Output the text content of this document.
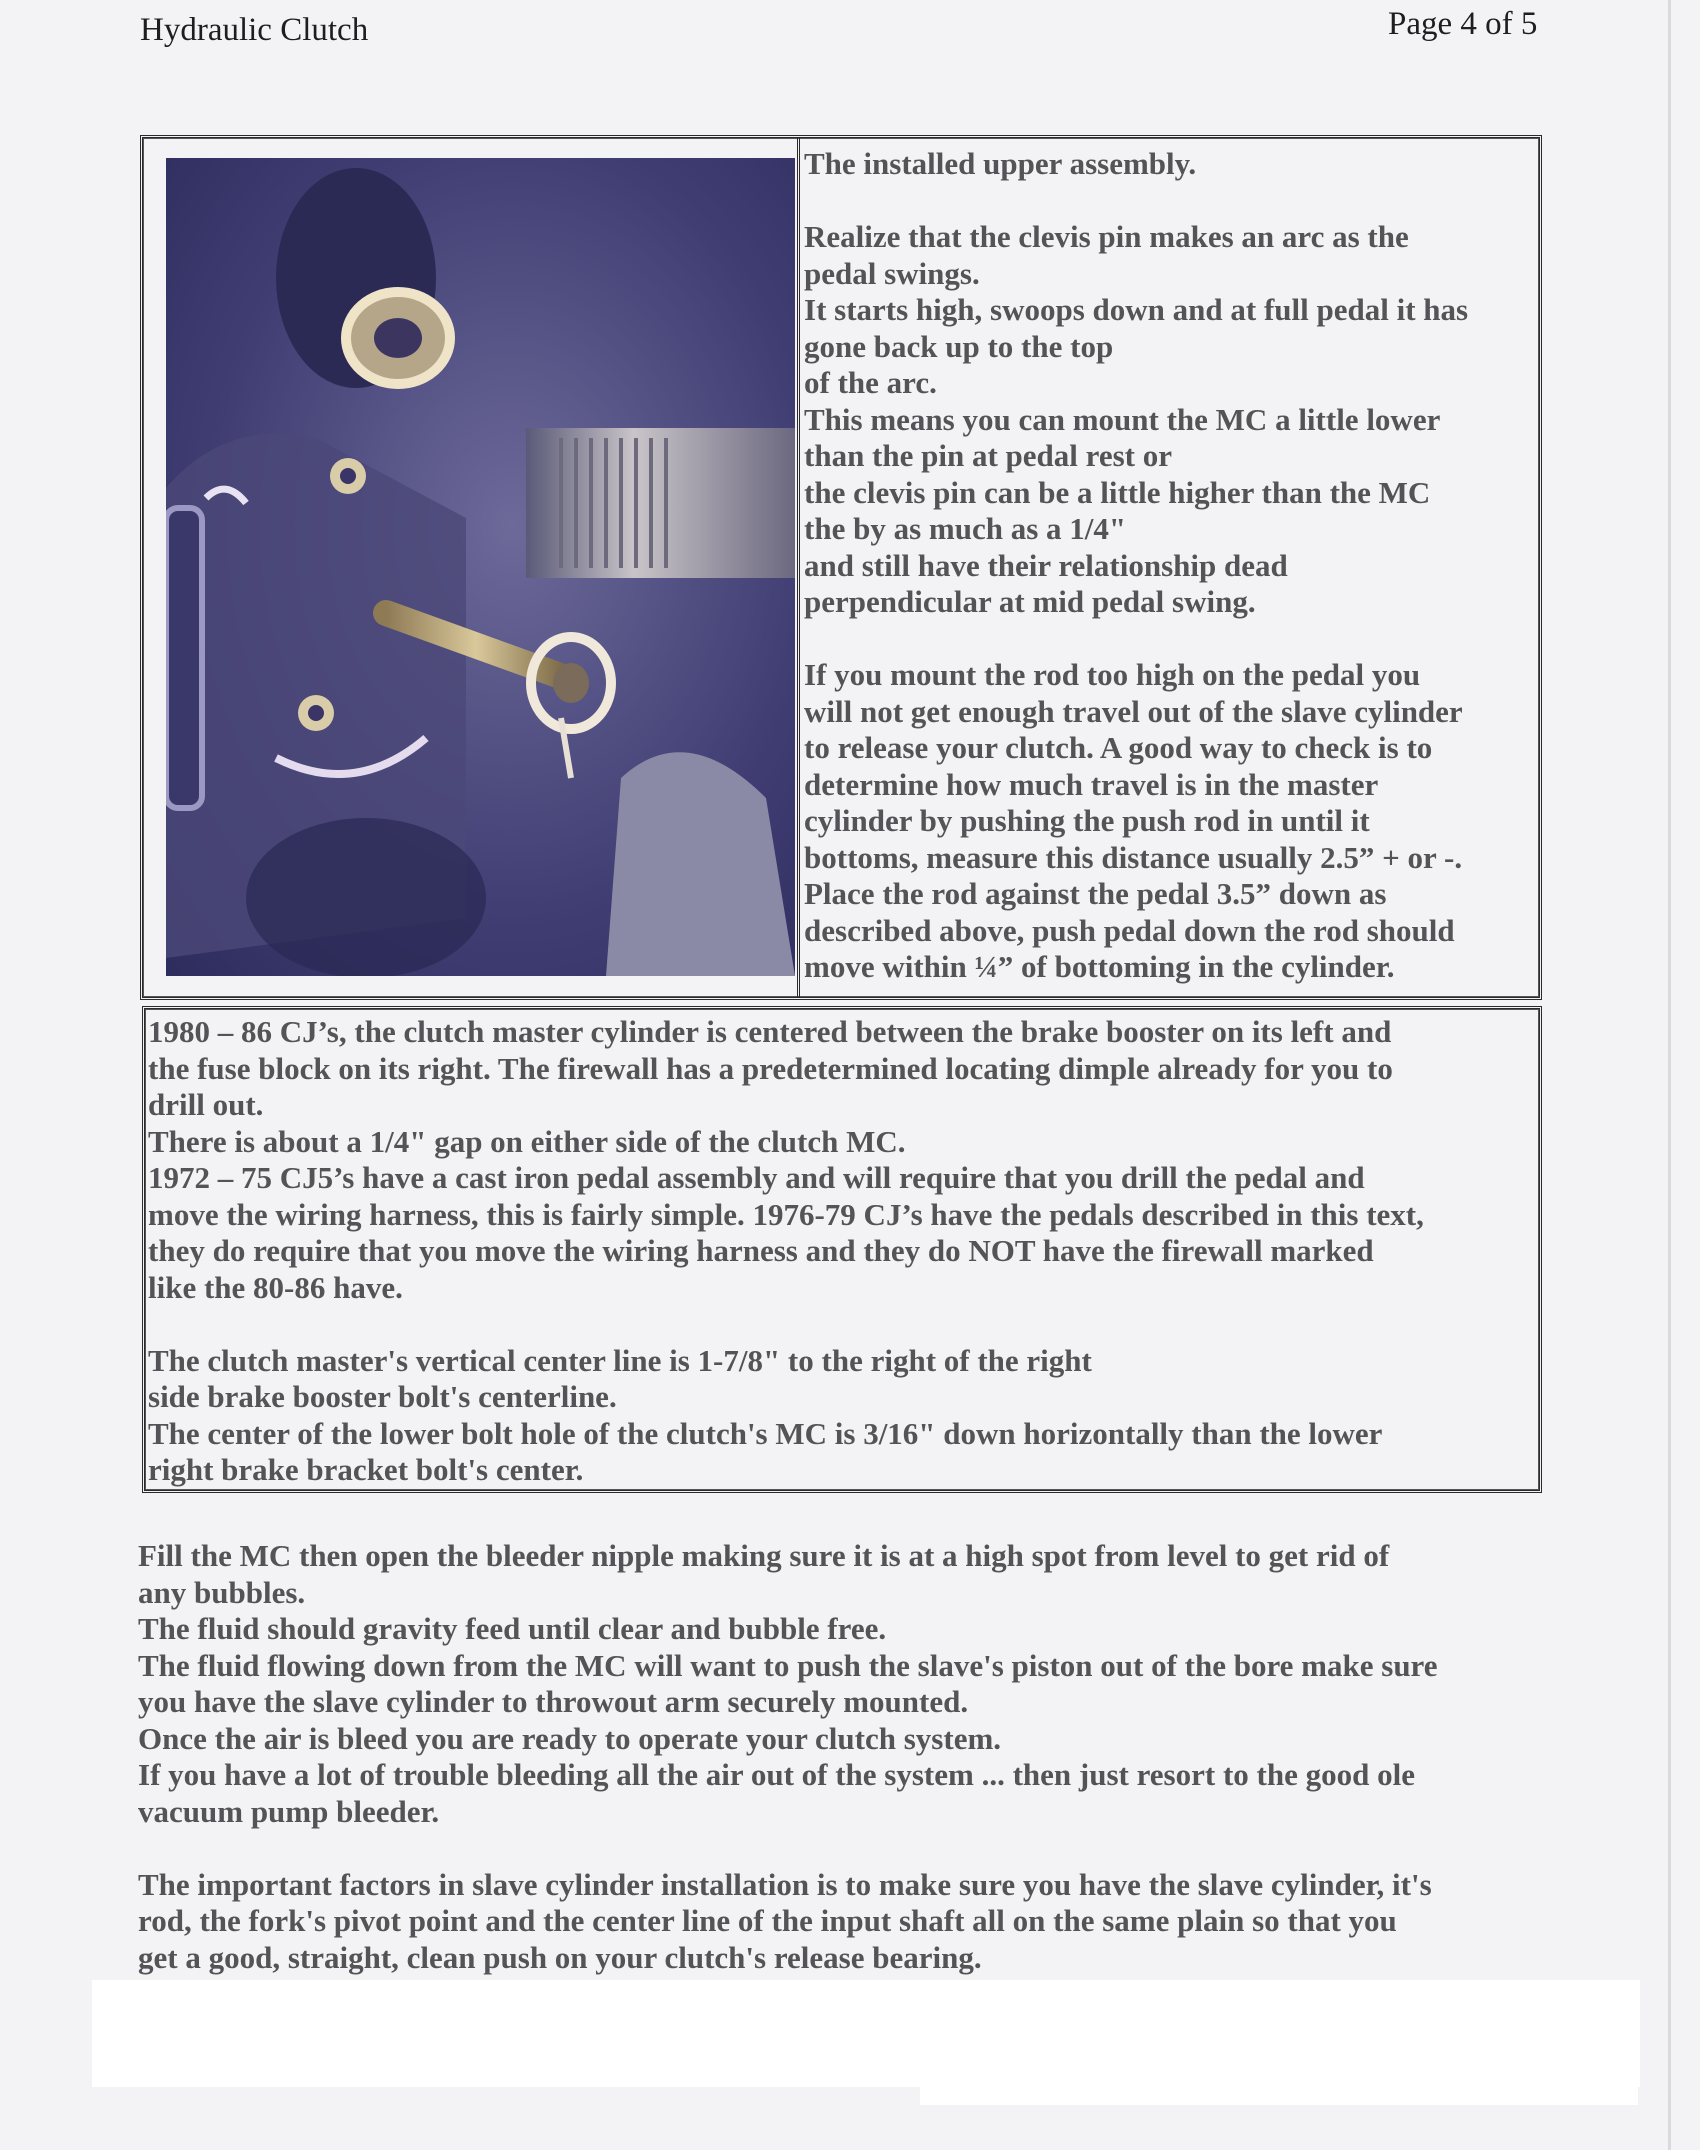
Hydraulic Clutch	Page 4 of 5
The installed upper assembly.

Realize that the clevis pin makes an arc as the
pedal swings.
It starts high, swoops down and at full pedal it has
gone back up to the top
of the arc.
This means you can mount the MC a little lower
than the pin at pedal rest or
the clevis pin can be a little higher than the MC
the by as much as a 1/4"
and still have their relationship dead
perpendicular at mid pedal swing.

If you mount the rod too high on the pedal you
will not get enough travel out of the slave cylinder
to release your clutch. A good way to check is to
determine how much travel is in the master
cylinder by pushing the push rod in until it
bottoms, measure this distance usually 2.5” + or -.
Place the rod against the pedal 3.5” down as
described above, push pedal down the rod should
move within ¼” of bottoming in the cylinder.
1980 – 86 CJ’s, the clutch master cylinder is centered between the brake booster on its left and
the fuse block on its right. The firewall has a predetermined locating dimple already for you to
drill out.
There is about a 1/4" gap on either side of the clutch MC.
1972 – 75 CJ5’s have a cast iron pedal assembly and will require that you drill the pedal and
move the wiring harness, this is fairly simple. 1976-79 CJ’s have the pedals described in this text,
they do require that you move the wiring harness and they do NOT have the firewall marked
like the 80-86 have.

The clutch master's vertical center line is 1-7/8" to the right of the right
side brake booster bolt's centerline.
The center of the lower bolt hole of the clutch's MC is 3/16" down horizontally than the lower
right brake bracket bolt's center.
Fill the MC then open the bleeder nipple making sure it is at a high spot from level to get rid of
any bubbles.
The fluid should gravity feed until clear and bubble free.
The fluid flowing down from the MC will want to push the slave's piston out of the bore make sure
you have the slave cylinder to throwout arm securely mounted.
Once the air is bleed you are ready to operate your clutch system.
If you have a lot of trouble bleeding all the air out of the system ... then just resort to the good ole
vacuum pump bleeder.

The important factors in slave cylinder installation is to make sure you have the slave cylinder, it's
rod, the fork's pivot point and the center line of the input shaft all on the same plain so that you
get a good, straight, clean push on your clutch's release bearing.
